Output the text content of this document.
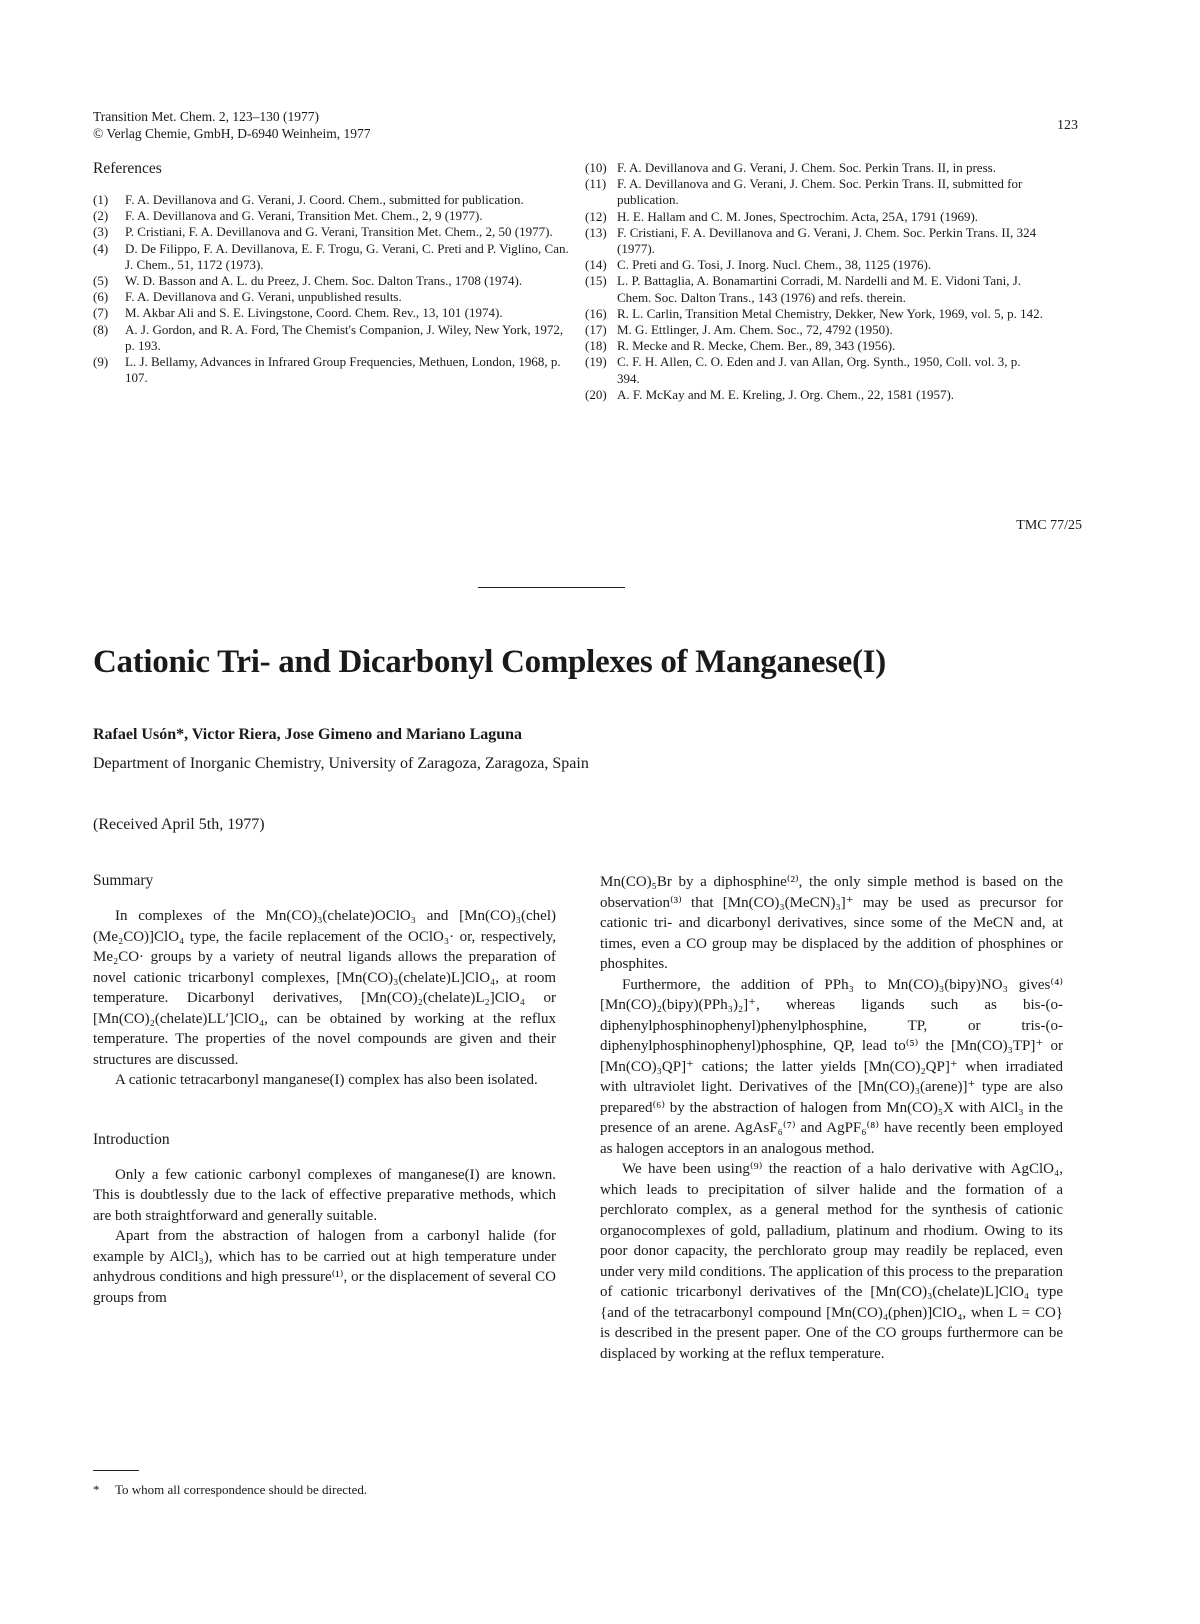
Transition Met. Chem. 2, 123–130 (1977)
© Verlag Chemie, GmbH, D-6940 Weinheim, 1977
123
References
(1) F. A. Devillanova and G. Verani, J. Coord. Chem., submitted for publication.
(2) F. A. Devillanova and G. Verani, Transition Met. Chem., 2, 9 (1977).
(3) P. Cristiani, F. A. Devillanova and G. Verani, Transition Met. Chem., 2, 50 (1977).
(4) D. De Filippo, F. A. Devillanova, E. F. Trogu, G. Verani, C. Preti and P. Viglino, Can. J. Chem., 51, 1172 (1973).
(5) W. D. Basson and A. L. du Preez, J. Chem. Soc. Dalton Trans., 1708 (1974).
(6) F. A. Devillanova and G. Verani, unpublished results.
(7) M. Akbar Ali and S. E. Livingstone, Coord. Chem. Rev., 13, 101 (1974).
(8) A. J. Gordon, and R. A. Ford, The Chemist's Companion, J. Wiley, New York, 1972, p. 193.
(9) L. J. Bellamy, Advances in Infrared Group Frequencies, Methuen, London, 1968, p. 107.
(10) F. A. Devillanova and G. Verani, J. Chem. Soc. Perkin Trans. II, in press.
(11) F. A. Devillanova and G. Verani, J. Chem. Soc. Perkin Trans. II, submitted for publication.
(12) H. E. Hallam and C. M. Jones, Spectrochim. Acta, 25A, 1791 (1969).
(13) F. Cristiani, F. A. Devillanova and G. Verani, J. Chem. Soc. Perkin Trans. II, 324 (1977).
(14) C. Preti and G. Tosi, J. Inorg. Nucl. Chem., 38, 1125 (1976).
(15) L. P. Battaglia, A. Bonamartini Corradi, M. Nardelli and M. E. Vidoni Tani, J. Chem. Soc. Dalton Trans., 143 (1976) and refs. therein.
(16) R. L. Carlin, Transition Metal Chemistry, Dekker, New York, 1969, vol. 5, p. 142.
(17) M. G. Ettlinger, J. Am. Chem. Soc., 72, 4792 (1950).
(18) R. Mecke and R. Mecke, Chem. Ber., 89, 343 (1956).
(19) C. F. H. Allen, C. O. Eden and J. van Allan, Org. Synth., 1950, Coll. vol. 3, p. 394.
(20) A. F. McKay and M. E. Kreling, J. Org. Chem., 22, 1581 (1957).
TMC 77/25
Cationic Tri- and Dicarbonyl Complexes of Manganese(I)
Rafael Usón*, Victor Riera, Jose Gimeno and Mariano Laguna
Department of Inorganic Chemistry, University of Zaragoza, Zaragoza, Spain
(Received April 5th, 1977)
Summary

In complexes of the Mn(CO)₃(chelate)OClO₃ and [Mn(CO)₃(chel)(Me₂CO)]ClO₄ type, the facile replacement of the OClO₃· or, respectively, Me₂CO· groups by a variety of neutral ligands allows the preparation of novel cationic tricarbonyl complexes, [Mn(CO)₃(chelate)L]ClO₄, at room temperature. Dicarbonyl derivatives, [Mn(CO)₂(chelate)L₂]ClO₄ or [Mn(CO)₂(chelate)LL′]ClO₄, can be obtained by working at the reflux temperature. The properties of the novel compounds are given and their structures are discussed.

A cationic tetracarbonyl manganese(I) complex has also been isolated.

Introduction

Only a few cationic carbonyl complexes of manganese(I) are known. This is doubtlessly due to the lack of effective preparative methods, which are both straightforward and generally suitable.

Apart from the abstraction of halogen from a carbonyl halide (for example by AlCl₃), which has to be carried out at high temperature under anhydrous conditions and high pressure⁽¹⁾, or the displacement of several CO groups from

Mn(CO)₅Br by a diphosphine⁽²⁾, the only simple method is based on the observation⁽³⁾ that [Mn(CO)₃(MeCN)₃]⁺ may be used as precursor for cationic tri- and dicarbonyl derivatives, since some of the MeCN and, at times, even a CO group may be displaced by the addition of phosphines or phosphites.

Furthermore, the addition of PPh₃ to Mn(CO)₃(bipy)NO₃ gives⁽⁴⁾ [Mn(CO)₂(bipy)(PPh₃)₂]⁺, whereas ligands such as bis-(o-diphenylphosphinophenyl)phenylphosphine, TP, or tris-(o-diphenylphosphinophenyl)phosphine, QP, lead to⁽⁵⁾ the [Mn(CO)₃TP]⁺ or [Mn(CO)₃QP]⁺ cations; the latter yields [Mn(CO)₂QP]⁺ when irradiated with ultraviolet light. Derivatives of the [Mn(CO)₃(arene)]⁺ type are also prepared⁽⁶⁾ by the abstraction of halogen from Mn(CO)₅X with AlCl₃ in the presence of an arene. AgAsF₆⁽⁷⁾ and AgPF₆⁽⁸⁾ have recently been employed as halogen acceptors in an analogous method.

We have been using⁽⁹⁾ the reaction of a halo derivative with AgClO₄, which leads to precipitation of silver halide and the formation of a perchlorato complex, as a general method for the synthesis of cationic organocomplexes of gold, palladium, platinum and rhodium. Owing to its poor donor capacity, the perchlorato group may readily be replaced, even under very mild conditions. The application of this process to the preparation of cationic tricarbonyl derivatives of the [Mn(CO)₃(chelate)L]ClO₄ type {and of the tetracarbonyl compound [Mn(CO)₄(phen)]ClO₄, when L = CO} is described in the present paper. One of the CO groups furthermore can be displaced by working at the reflux temperature.

* To whom all correspondence should be directed.
